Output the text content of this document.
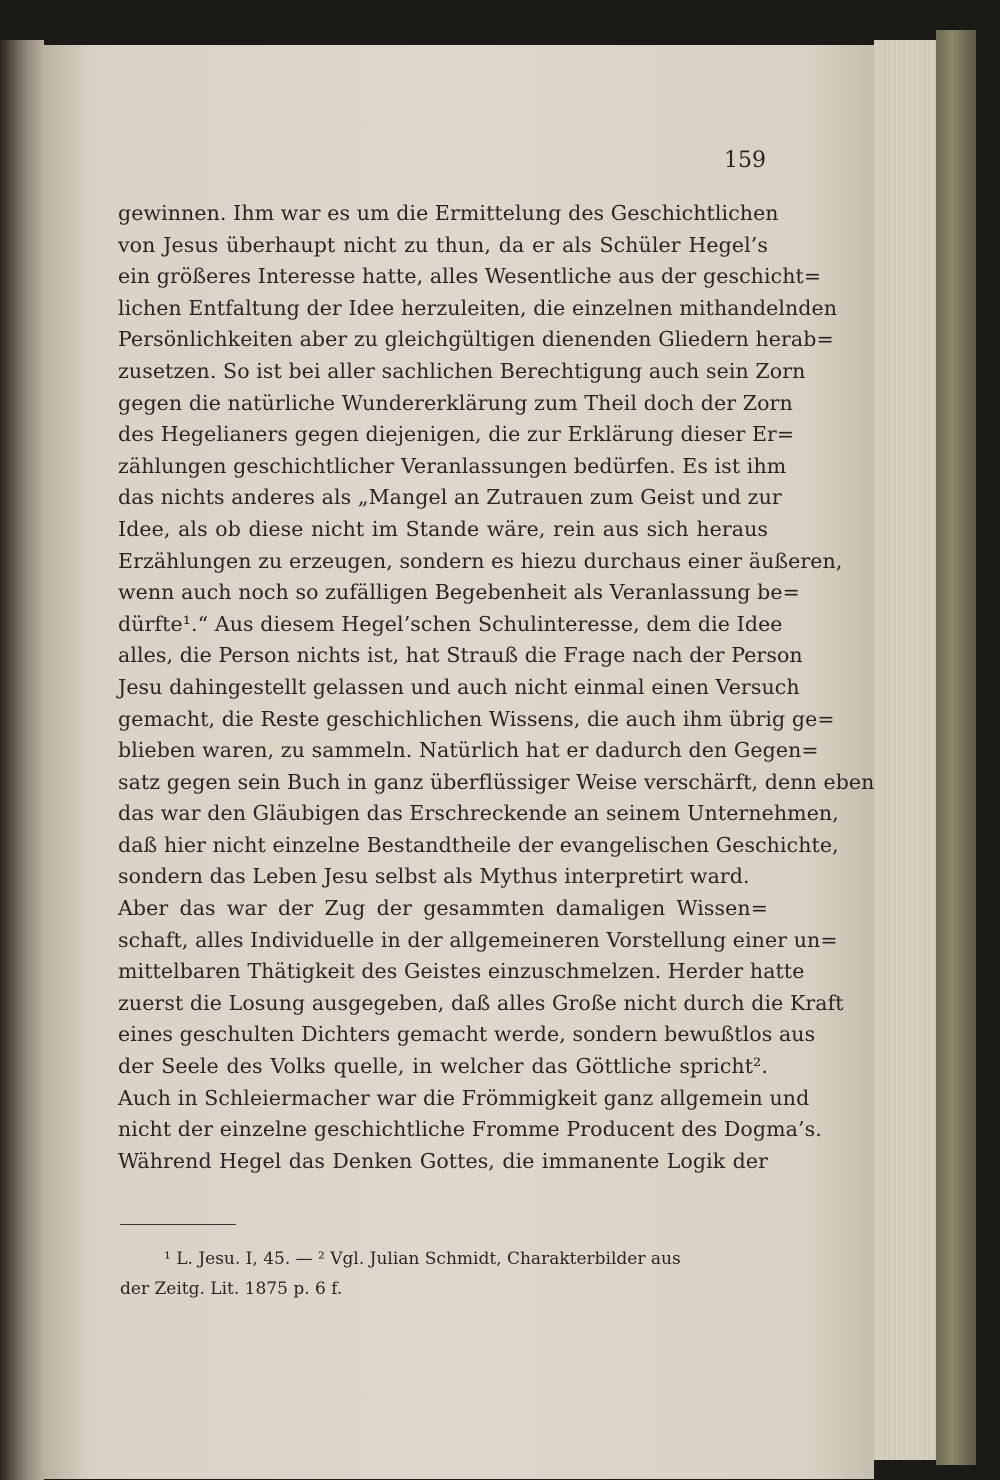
159
gewinnen. Ihm war es um die Ermittelung des Geschichtlichen
von Jesus überhaupt nicht zu thun, da er als Schüler Hegel’s
ein größeres Interesse hatte, alles Wesentliche aus der geschicht=
lichen Entfaltung der Idee herzuleiten, die einzelnen mithandelnden
Persönlichkeiten aber zu gleichgültigen dienenden Gliedern herab=
zusetzen. So ist bei aller sachlichen Berechtigung auch sein Zorn
gegen die natürliche Wundererklärung zum Theil doch der Zorn
des Hegelianers gegen diejenigen, die zur Erklärung dieser Er=
zählungen geschichtlicher Veranlassungen bedürfen. Es ist ihm
das nichts anderes als „Mangel an Zutrauen zum Geist und zur
Idee, als ob diese nicht im Stande wäre, rein aus sich heraus
Erzählungen zu erzeugen, sondern es hiezu durchaus einer äußeren,
wenn auch noch so zufälligen Begebenheit als Veranlassung be=
dürfte¹.“ Aus diesem Hegel’schen Schulinteresse, dem die Idee
alles, die Person nichts ist, hat Strauß die Frage nach der Person
Jesu dahingestellt gelassen und auch nicht einmal einen Versuch
gemacht, die Reste geschichlichen Wissens, die auch ihm übrig ge=
blieben waren, zu sammeln. Natürlich hat er dadurch den Gegen=
satz gegen sein Buch in ganz überflüssiger Weise verschärft, denn eben
das war den Gläubigen das Erschreckende an seinem Unternehmen,
daß hier nicht einzelne Bestandtheile der evangelischen Geschichte,
sondern das Leben Jesu selbst als Mythus interpretirt ward.
Aber das war der Zug der gesammten damaligen Wissen=
schaft, alles Individuelle in der allgemeineren Vorstellung einer un=
mittelbaren Thätigkeit des Geistes einzuschmelzen. Herder hatte
zuerst die Losung ausgegeben, daß alles Große nicht durch die Kraft
eines geschulten Dichters gemacht werde, sondern bewußtlos aus
der Seele des Volks quelle, in welcher das Göttliche spricht².
Auch in Schleiermacher war die Frömmigkeit ganz allgemein und
nicht der einzelne geschichtliche Fromme Producent des Dogma’s.
Während Hegel das Denken Gottes, die immanente Logik der
¹ L. Jesu. I, 45. — ² Vgl. Julian Schmidt, Charakterbilder aus
der Zeitg. Lit. 1875 p. 6 f.
